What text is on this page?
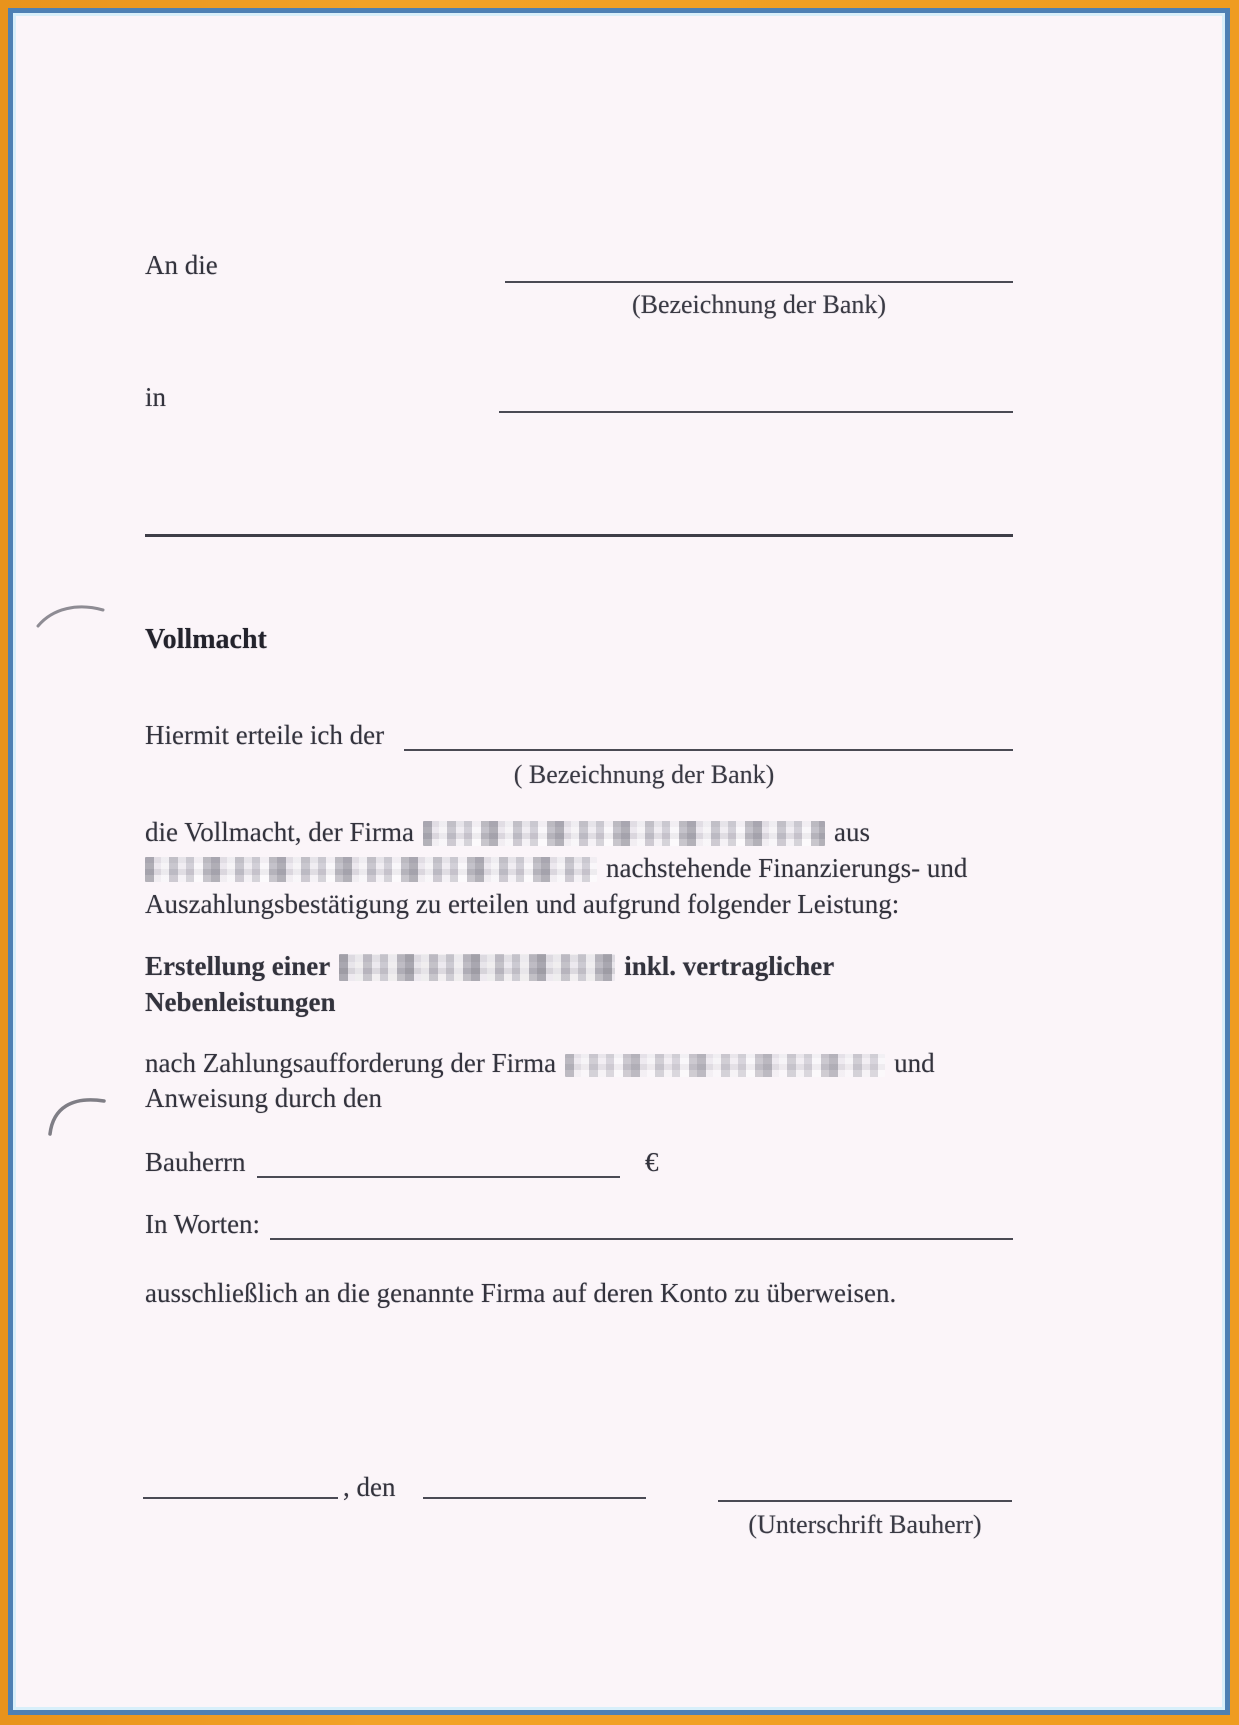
An die
(Bezeichnung der Bank)
in
Vollmacht
Hiermit erteile ich der
( Bezeichnung der Bank)
die Vollmacht, der Firma	aus
nachstehende Finanzierungs- und
Auszahlungsbestätigung zu erteilen und aufgrund folgender Leistung:
Erstellung einer	inkl. vertraglicher
Nebenleistungen
nach Zahlungsaufforderung der Firma	und
Anweisung durch den
Bauherrn	€
In Worten:
ausschließlich an die genannte Firma auf deren Konto zu überweisen.
, den
(Unterschrift Bauherr)
